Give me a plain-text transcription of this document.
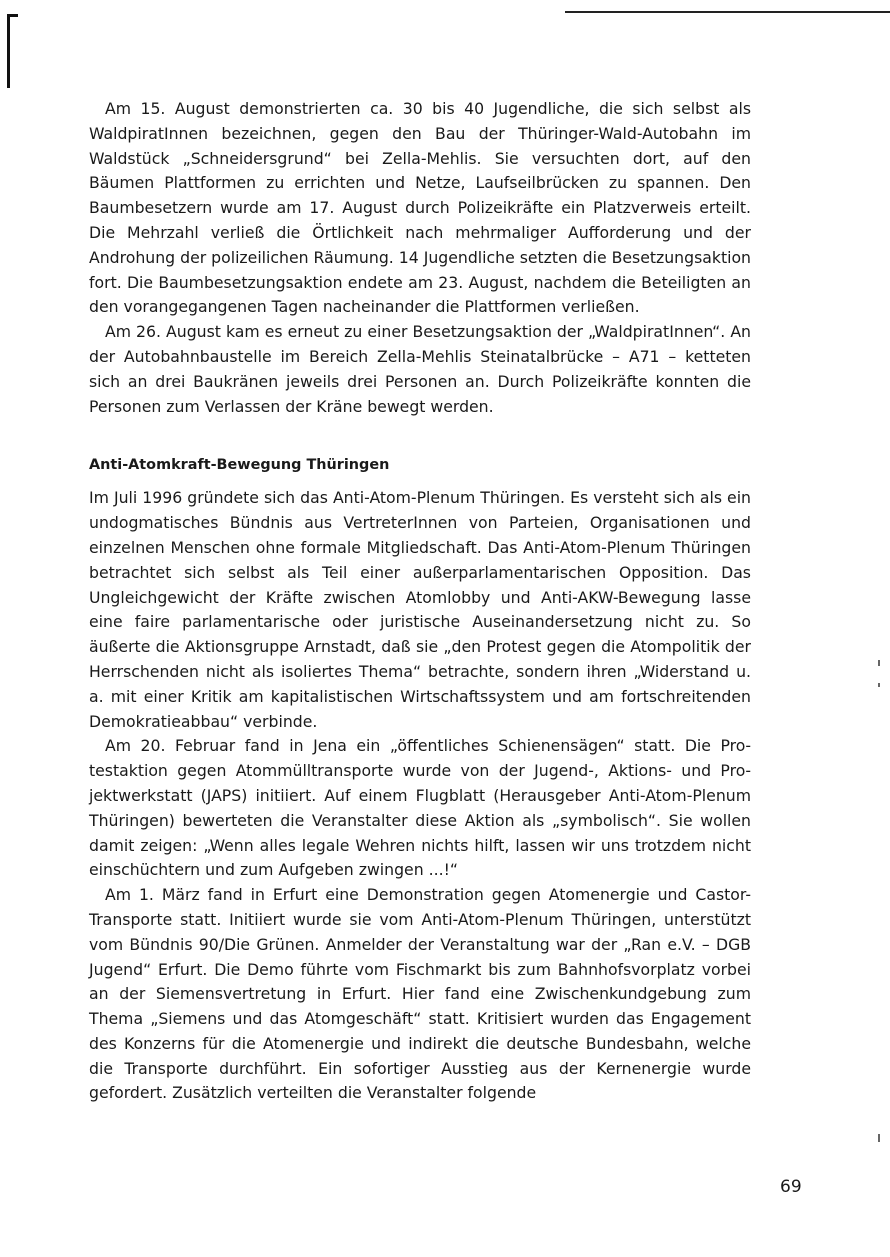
Am 15. August demonstrierten ca. 30 bis 40 Jugendliche, die sich selbst als WaldpiratInnen bezeichnen, gegen den Bau der Thüringer-Wald-Autobahn im Waldstück „Schneidersgrund“ bei Zella-Mehlis. Sie versuchten dort, auf den Bäumen Plattformen zu errichten und Netze, Laufseilbrücken zu spannen. Den Baumbesetzern wurde am 17. August durch Polizeikräfte ein Platzverweis erteilt. Die Mehrzahl verließ die Örtlichkeit nach mehrmaliger Aufforderung und der Androhung der polizeilichen Räumung. 14 Jugendliche setzten die Besetzungsaktion fort. Die Baumbesetzungsaktion endete am 23. August, nachdem die Beteiligten an den vorangegangenen Tagen nacheinander die Plattformen verließen.

Am 26. August kam es erneut zu einer Besetzungsaktion der „WaldpiratInnen“. An der Autobahnbaustelle im Bereich Zella-Mehlis Steinatalbrücke – A71 – ketteten sich an drei Baukränen jeweils drei Personen an. Durch Polizeikräfte konnten die Personen zum Verlassen der Kräne bewegt werden.

Anti-Atomkraft-Bewegung Thüringen

Im Juli 1996 gründete sich das Anti-Atom-Plenum Thüringen. Es versteht sich als ein undogmatisches Bündnis aus VertreterInnen von Parteien, Organisationen und einzelnen Menschen ohne formale Mitgliedschaft. Das Anti-Atom-Plenum Thüringen betrachtet sich selbst als Teil einer außerparlamentarischen Opposition. Das Ungleichgewicht der Kräfte zwischen Atomlobby und Anti-AKW-Bewegung lasse eine faire parlamentarische oder juristische Auseinandersetzung nicht zu. So äußerte die Aktionsgruppe Arnstadt, daß sie „den Protest gegen die Atompolitik der Herrschenden nicht als isoliertes Thema“ betrachte, sondern ihren „Widerstand u. a. mit einer Kritik am kapitalistischen Wirtschaftssystem und am fortschreitenden Demokratieabbau“ verbinde.

Am 20. Februar fand in Jena ein „öffentliches Schienensägen“ statt. Die Protestaktion gegen Atommülltransporte wurde von der Jugend-, Aktions- und Projektwerkstatt (JAPS) initiiert. Auf einem Flugblatt (Herausgeber Anti-Atom-Plenum Thüringen) bewerteten die Veranstalter diese Aktion als „symbolisch“. Sie wollen damit zeigen: „Wenn alles legale Wehren nichts hilft, lassen wir uns trotzdem nicht einschüchtern und zum Aufgeben zwingen ...!“

Am 1. März fand in Erfurt eine Demonstration gegen Atomenergie und Castor-Transporte statt. Initiiert wurde sie vom Anti-Atom-Plenum Thüringen, unterstützt vom Bündnis 90/Die Grünen. Anmelder der Veranstaltung war der „Ran e.V. – DGB Jugend“ Erfurt. Die Demo führte vom Fischmarkt bis zum Bahnhofsvorplatz vorbei an der Siemensvertretung in Erfurt. Hier fand eine Zwischenkundgebung zum Thema „Siemens und das Atomgeschäft“ statt. Kritisiert wurden das Engagement des Konzerns für die Atomenergie und indirekt die deutsche Bundesbahn, welche die Transporte durchführt. Ein sofortiger Ausstieg aus der Kernenergie wurde gefordert. Zusätzlich verteilten die Veranstalter folgende

69
